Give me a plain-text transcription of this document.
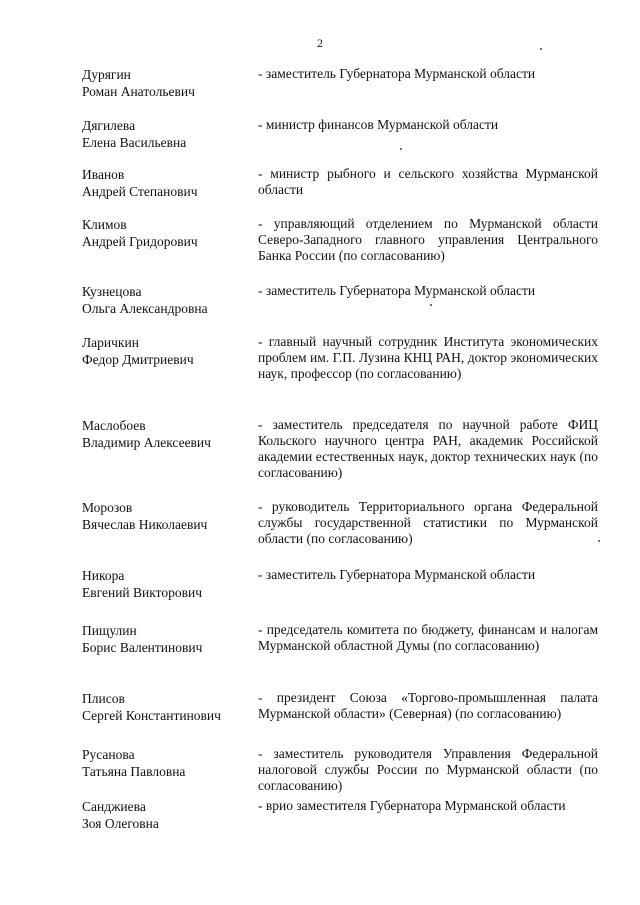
2
Дурягин
Роман Анатольевич
- заместитель Губернатора Мурманской области
Дягилева
Елена Васильевна
- министр финансов Мурманской области
Иванов
Андрей Степанович
- министр рыбного и сельского хозяйства Мурманской области
Климов
Андрей Гридорович
- управляющий отделением по Мурманской области Северо-Западного главного управления Центрального Банка России (по согласованию)
Кузнецова
Ольга Александровна
- заместитель Губернатора Мурманской области
Ларичкин
Федор Дмитриевич
- главный научный сотрудник Института экономических проблем им. Г.П. Лузина КНЦ РАН, доктор экономических наук, профессор (по согласованию)
Маслобоев
Владимир Алексеевич
- заместитель председателя по научной работе ФИЦ Кольского научного центра РАН, академик Российской академии естественных наук, доктор технических наук (по согласованию)
Морозов
Вячеслав Николаевич
- руководитель Территориального органа Федеральной службы государственной статистики по Мурманской области (по согласованию)
Никора
Евгений Викторович
- заместитель Губернатора Мурманской области
Пищулин
Борис Валентинович
- председатель комитета по бюджету, финансам и налогам Мурманской областной Думы (по согласованию)
Плисов
Сергей Константинович
- президент Союза «Торгово-промышленная палата Мурманской области» (Северная) (по согласованию)
Русанова
Татьяна Павловна
- заместитель руководителя Управления Федеральной налоговой службы России по Мурманской области (по согласованию)
Санджиева
Зоя Олеговна
- врио заместителя Губернатора Мурманской области
